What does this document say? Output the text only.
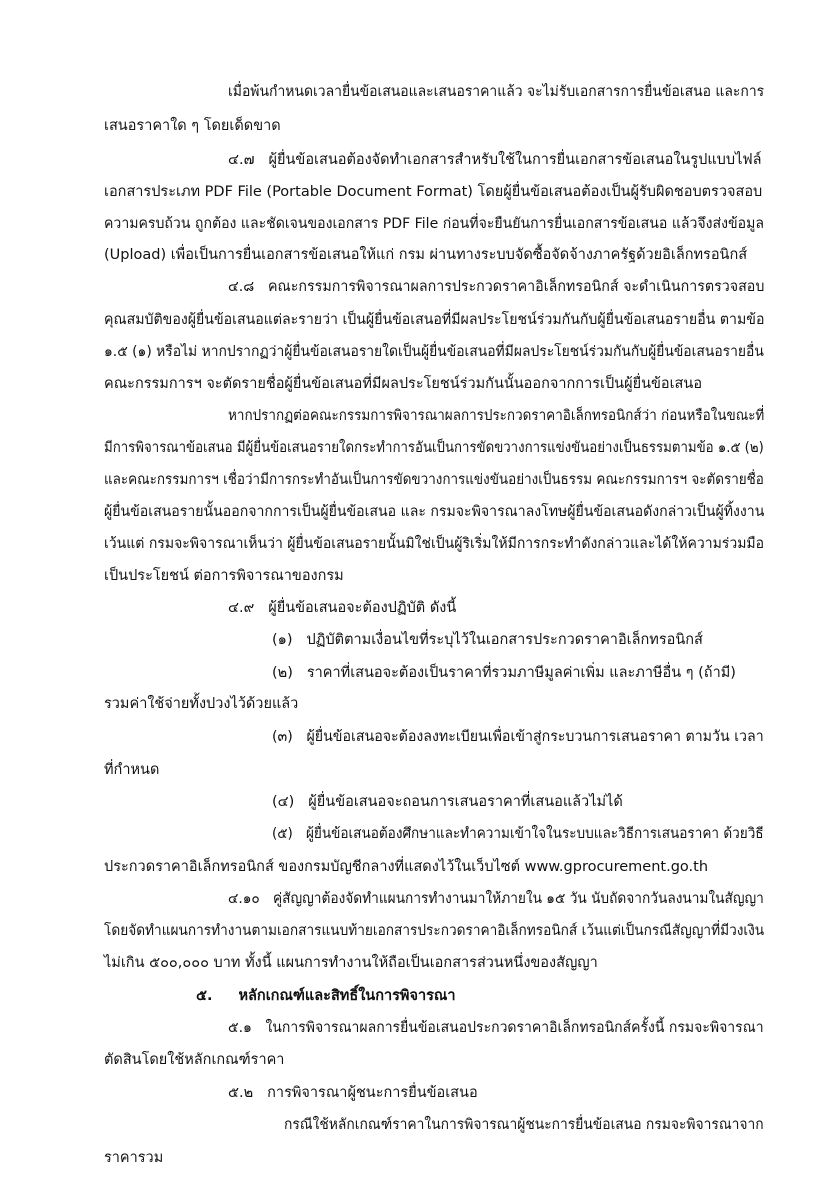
เมื่อพ้นกำหนดเวลายื่นข้อเสนอและเสนอราคาแล้ว จะไม่รับเอกสารการยื่นข้อเสนอ และการ
เสนอราคาใด ๆ โดยเด็ดขาด
๔.๗ ผู้ยื่นข้อเสนอต้องจัดทำเอกสารสำหรับใช้ในการยื่นเอกสารข้อเสนอในรูปแบบไฟล์
เอกสารประเภท PDF File (Portable Document Format) โดยผู้ยื่นข้อเสนอต้องเป็นผู้รับผิดชอบตรวจสอบ
ความครบถ้วน ถูกต้อง และชัดเจนของเอกสาร PDF File ก่อนที่จะยืนยันการยื่นเอกสารข้อเสนอ แล้วจึงส่งข้อมูล
(Upload) เพื่อเป็นการยื่นเอกสารข้อเสนอให้แก่ กรม ผ่านทางระบบจัดซื้อจัดจ้างภาครัฐด้วยอิเล็กทรอนิกส์
๔.๘ คณะกรรมการพิจารณาผลการประกวดราคาอิเล็กทรอนิกส์ จะดำเนินการตรวจสอบ
คุณสมบัติของผู้ยื่นข้อเสนอแต่ละรายว่า เป็นผู้ยื่นข้อเสนอที่มีผลประโยชน์ร่วมกันกับผู้ยื่นข้อเสนอรายอื่น ตามข้อ
๑.๕ (๑) หรือไม่ หากปรากฏว่าผู้ยื่นข้อเสนอรายใดเป็นผู้ยื่นข้อเสนอที่มีผลประโยชน์ร่วมกันกับผู้ยื่นข้อเสนอรายอื่น
คณะกรรมการฯ จะตัดรายชื่อผู้ยื่นข้อเสนอที่มีผลประโยชน์ร่วมกันนั้นออกจากการเป็นผู้ยื่นข้อเสนอ
หากปรากฏต่อคณะกรรมการพิจารณาผลการประกวดราคาอิเล็กทรอนิกส์ว่า ก่อนหรือในขณะที่
มีการพิจารณาข้อเสนอ มีผู้ยื่นข้อเสนอรายใดกระทำการอันเป็นการขัดขวางการแข่งขันอย่างเป็นธรรมตามข้อ ๑.๕ (๒)
และคณะกรรมการฯ เชื่อว่ามีการกระทำอันเป็นการขัดขวางการแข่งขันอย่างเป็นธรรม คณะกรรมการฯ จะตัดรายชื่อ
ผู้ยื่นข้อเสนอรายนั้นออกจากการเป็นผู้ยื่นข้อเสนอ และ กรมจะพิจารณาลงโทษผู้ยื่นข้อเสนอดังกล่าวเป็นผู้ทิ้งงาน
เว้นแต่ กรมจะพิจารณาเห็นว่า ผู้ยื่นข้อเสนอรายนั้นมิใช่เป็นผู้ริเริ่มให้มีการกระทำดังกล่าวและได้ให้ความร่วมมือ
เป็นประโยชน์ ต่อการพิจารณาของกรม
๔.๙ ผู้ยื่นข้อเสนอจะต้องปฏิบัติ ดังนี้
(๑) ปฏิบัติตามเงื่อนไขที่ระบุไว้ในเอกสารประกวดราคาอิเล็กทรอนิกส์
(๒) ราคาที่เสนอจะต้องเป็นราคาที่รวมภาษีมูลค่าเพิ่ม และภาษีอื่น ๆ (ถ้ามี)
รวมค่าใช้จ่ายทั้งปวงไว้ด้วยแล้ว
(๓) ผู้ยื่นข้อเสนอจะต้องลงทะเบียนเพื่อเข้าสู่กระบวนการเสนอราคา ตามวัน เวลา
ที่กำหนด
(๔) ผู้ยื่นข้อเสนอจะถอนการเสนอราคาที่เสนอแล้วไม่ได้
(๕) ผู้ยื่นข้อเสนอต้องศึกษาและทำความเข้าใจในระบบและวิธีการเสนอราคา ด้วยวิธี
ประกวดราคาอิเล็กทรอนิกส์ ของกรมบัญชีกลางที่แสดงไว้ในเว็บไซต์ www.gprocurement.go.th
๔.๑๐ คู่สัญญาต้องจัดทำแผนการทำงานมาให้ภายใน ๑๕ วัน นับถัดจากวันลงนามในสัญญา
โดยจัดทำแผนการทำงานตามเอกสารแนบท้ายเอกสารประกวดราคาอิเล็กทรอนิกส์ เว้นแต่เป็นกรณีสัญญาที่มีวงเงิน
ไม่เกิน ๕๐๐,๐๐๐ บาท ทั้งนี้ แผนการทำงานให้ถือเป็นเอกสารส่วนหนึ่งของสัญญา
๕. หลักเกณฑ์และสิทธิ์ในการพิจารณา
๕.๑ ในการพิจารณาผลการยื่นข้อเสนอประกวดราคาอิเล็กทรอนิกส์ครั้งนี้ กรมจะพิจารณา
ตัดสินโดยใช้หลักเกณฑ์ราคา
๕.๒ การพิจารณาผู้ชนะการยื่นข้อเสนอ
กรณีใช้หลักเกณฑ์ราคาในการพิจารณาผู้ชนะการยื่นข้อเสนอ กรมจะพิจารณาจาก
ราคารวม
